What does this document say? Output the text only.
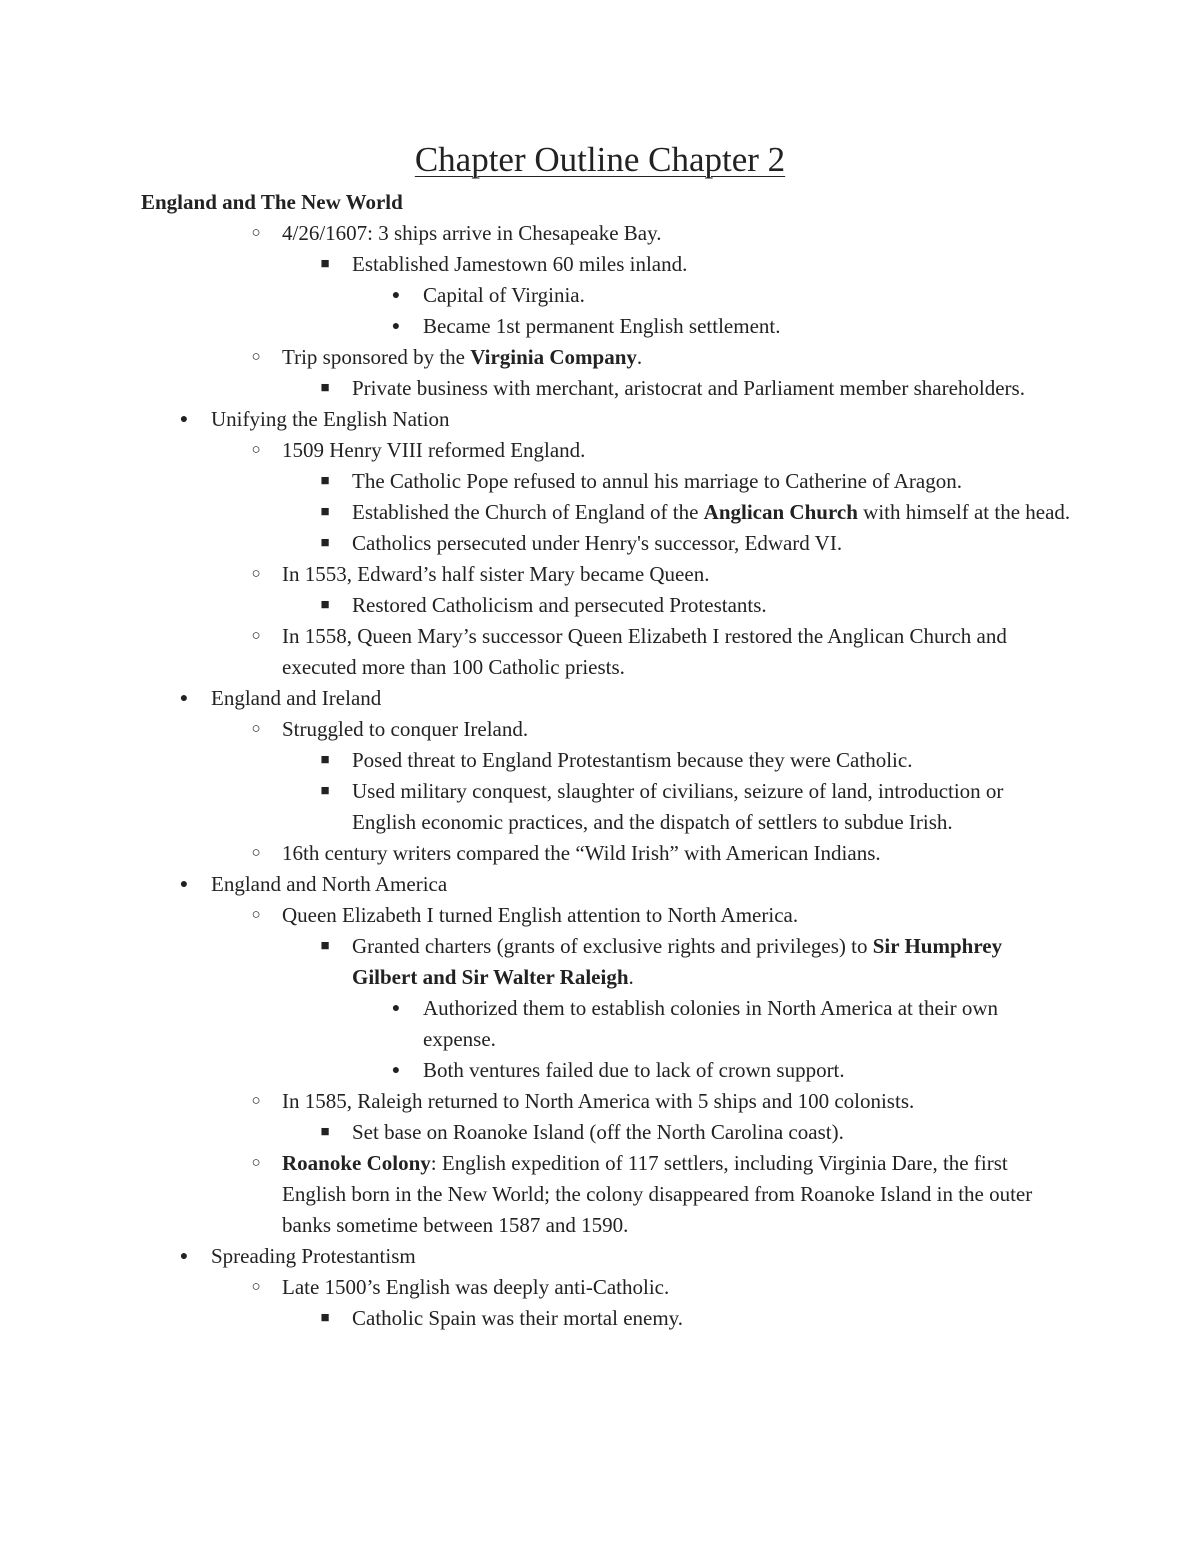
Chapter Outline Chapter 2
England and The New World
○	4/26/1607: 3 ships arrive in Chesapeake Bay.
■	Established Jamestown 60 miles inland.
●	Capital of Virginia.
●	Became 1st permanent English settlement.
○	Trip sponsored by the Virginia Company.
■	Private business with merchant, aristocrat and Parliament member shareholders.
●	Unifying the English Nation
○	1509 Henry VIII reformed England.
■	The Catholic Pope refused to annul his marriage to Catherine of Aragon.
■	Established the Church of England of the Anglican Church with himself at the head.
■	Catholics persecuted under Henry's successor, Edward VI.
○	In 1553, Edward’s half sister Mary became Queen.
■	Restored Catholicism and persecuted Protestants.
○	In 1558, Queen Mary’s successor Queen Elizabeth I restored the Anglican Church and executed more than 100 Catholic priests.
●	England and Ireland
○	Struggled to conquer Ireland.
■	Posed threat to England Protestantism because they were Catholic.
■	Used military conquest, slaughter of civilians, seizure of land, introduction or English economic practices, and the dispatch of settlers to subdue Irish.
○	16th century writers compared the “Wild Irish” with American Indians.
●	England and North America
○	Queen Elizabeth I turned English attention to North America.
■	Granted charters (grants of exclusive rights and privileges) to Sir Humphrey Gilbert and Sir Walter Raleigh.
●	Authorized them to establish colonies in North America at their own expense.
●	Both ventures failed due to lack of crown support.
○	In 1585, Raleigh returned to North America with 5 ships and 100 colonists.
■	Set base on Roanoke Island (off the North Carolina coast).
○	Roanoke Colony: English expedition of 117 settlers, including Virginia Dare, the first English born in the New World; the colony disappeared from Roanoke Island in the outer banks sometime between 1587 and 1590.
●	Spreading Protestantism
○	Late 1500’s English was deeply anti-Catholic.
■	Catholic Spain was their mortal enemy.
